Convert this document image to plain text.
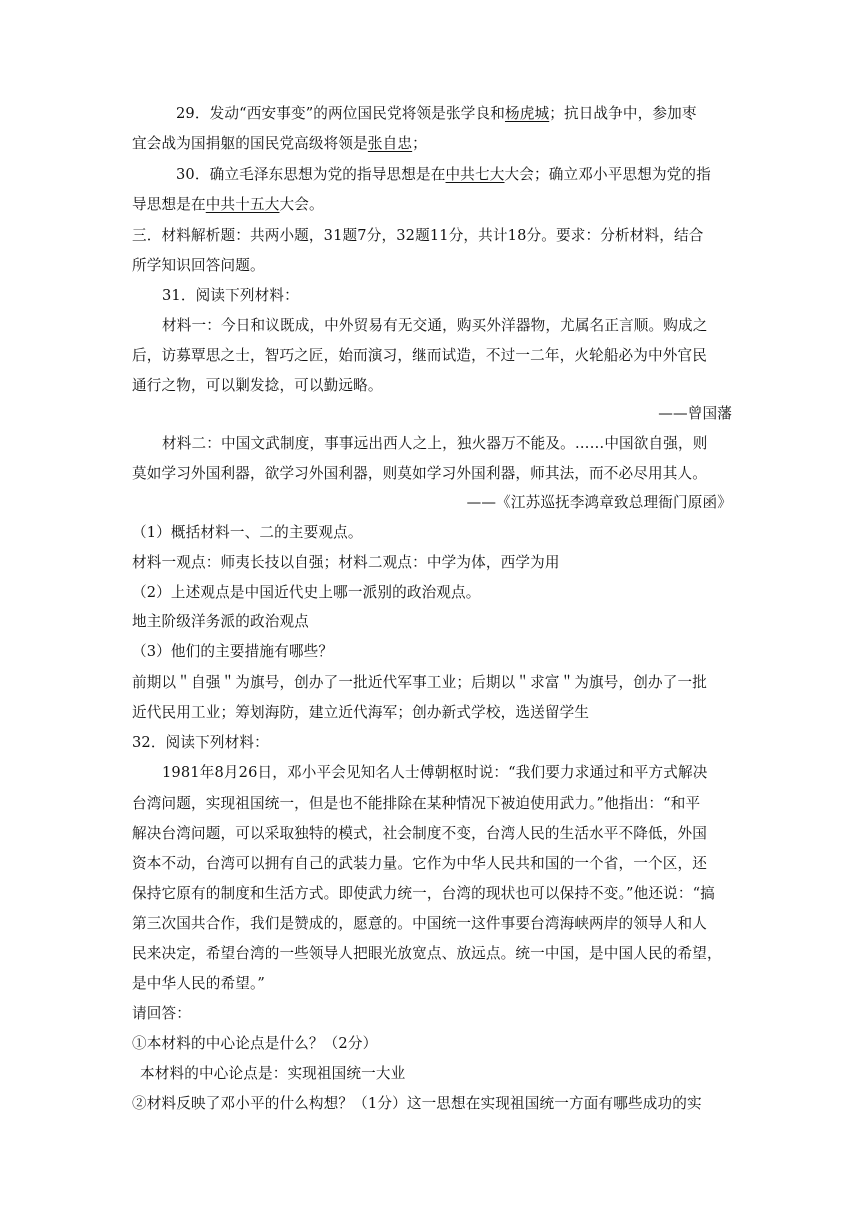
29．发动“西安事变”的两位国民党将领是张学良和杨虎城；抗日战争中，参加枣
宜会战为国捐躯的国民党高级将领是张自忠；
30．确立毛泽东思想为党的指导思想是在中共七大大会；确立邓小平思想为党的指
导思想是在中共十五大大会。
三．材料解析题：共两小题，31题7分，32题11分，共计18分。要求：分析材料，结合
所学知识回答问题。
31．阅读下列材料：
材料一：今日和议既成，中外贸易有无交通，购买外洋器物，尤属名正言顺。购成之
后，访募覃思之士，智巧之匠，始而演习，继而试造，不过一二年，火轮船必为中外官民
通行之物，可以剿发捻，可以勤远略。
——曾国藩
材料二：中国文武制度，事事远出西人之上，独火器万不能及。……中国欲自强，则
莫如学习外国利器，欲学习外国利器，则莫如学习外国利器，师其法，而不必尽用其人。
——《江苏巡抚李鸿章致总理衙门原函》
（1）概括材料一、二的主要观点。
材料一观点：师夷长技以自强；材料二观点：中学为体，西学为用
（2）上述观点是中国近代史上哪一派别的政治观点。
地主阶级洋务派的政治观点
（3）他们的主要措施有哪些？
前期以＂自强＂为旗号，创办了一批近代军事工业；后期以＂求富＂为旗号，创办了一批
近代民用工业；筹划海防，建立近代海军；创办新式学校，选送留学生
32．阅读下列材料：
1981年8月26日，邓小平会见知名人士傅朝枢时说：“我们要力求通过和平方式解决
台湾问题，实现祖国统一，但是也不能排除在某种情况下被迫使用武力。”他指出：“和平
解决台湾问题，可以采取独特的模式，社会制度不变，台湾人民的生活水平不降低，外国
资本不动，台湾可以拥有自己的武装力量。它作为中华人民共和国的一个省，一个区，还
保持它原有的制度和生活方式。即使武力统一，台湾的现状也可以保持不变。”他还说：“搞
第三次国共合作，我们是赞成的，愿意的。中国统一这件事要台湾海峡两岸的领导人和人
民来决定，希望台湾的一些领导人把眼光放宽点、放远点。统一中国，是中国人民的希望，
是中华人民的希望。”
请回答：
①本材料的中心论点是什么？（2分）
本材料的中心论点是：实现祖国统一大业
②材料反映了邓小平的什么构想？（1分）这一思想在实现祖国统一方面有哪些成功的实
